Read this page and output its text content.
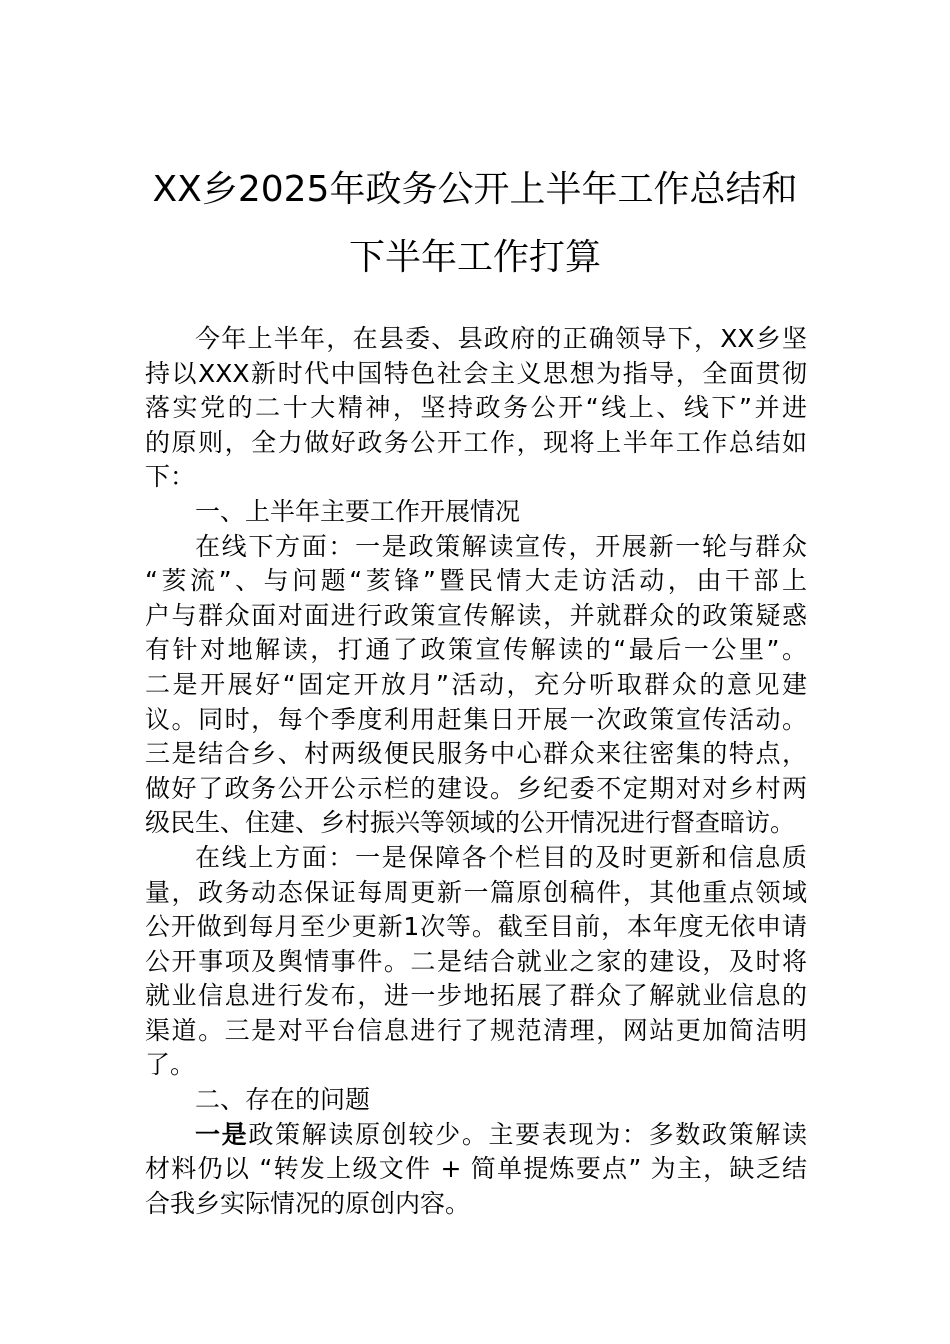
XX乡2025年政务公开上半年工作总结和
下半年工作打算
今年上半年，在县委、县政府的正确领导下，XX乡坚
持以XXX新时代中国特色社会主义思想为指导，全面贯彻
落实党的二十大精神，坚持政务公开“线上、线下”并进
的原则，全力做好政务公开工作，现将上半年工作总结如
下：
一、上半年主要工作开展情况
在线下方面：一是政策解读宣传，开展新一轮与群众
“荄流”、与问题“荄锋”暨民情大走访活动，由干部上
户与群众面对面进行政策宣传解读，并就群众的政策疑惑
有针对地解读，打通了政策宣传解读的“最后一公里”。
二是开展好“固定开放月”活动，充分听取群众的意见建
议。同时，每个季度利用赶集日开展一次政策宣传活动。
三是结合乡、村两级便民服务中心群众来往密集的特点，
做好了政务公开公示栏的建设。乡纪委不定期对对乡村两
级民生、住建、乡村振兴等领域的公开情况进行督查暗访。
在线上方面：一是保障各个栏目的及时更新和信息质
量，政务动态保证每周更新一篇原创稿件，其他重点领域
公开做到每月至少更新1次等。截至目前，本年度无依申请
公开事项及舆情事件。二是结合就业之家的建设，及时将
就业信息进行发布，进一步地拓展了群众了解就业信息的
渠道。三是对平台信息进行了规范清理，网站更加简洁明
了。
二、存在的问题
一是政策解读原创较少。主要表现为：多数政策解读
材料仍以 “转发上级文件 + 简单提炼要点” 为主，缺乏结
合我乡实际情况的原创内容。
